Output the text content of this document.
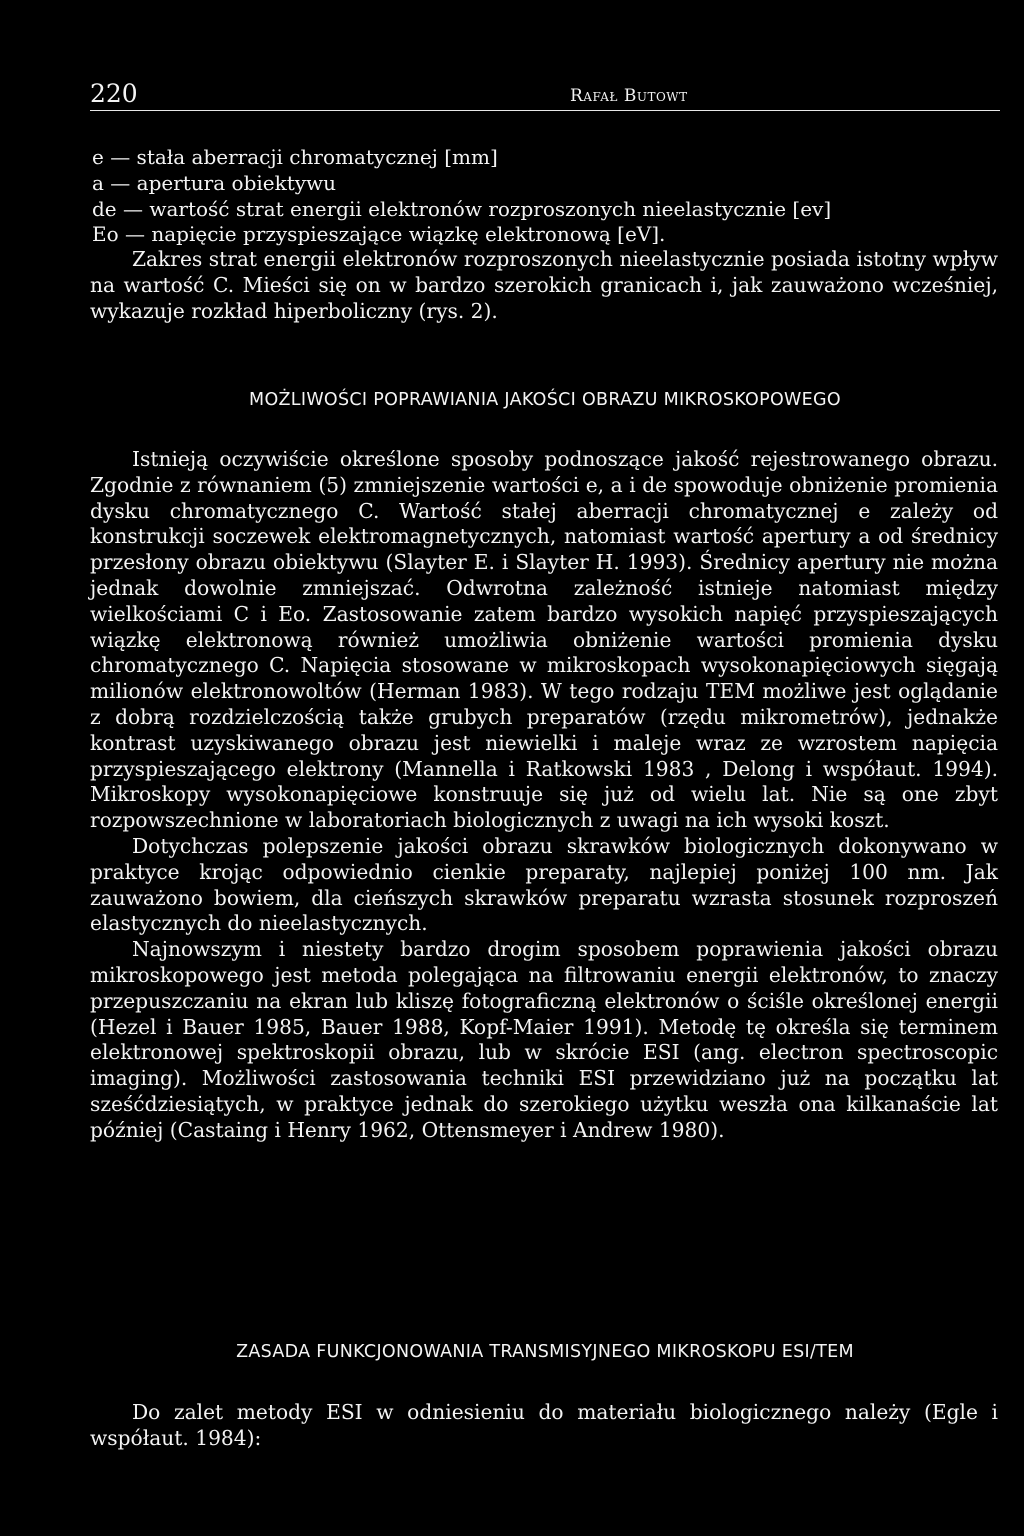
220	Rafał Butowt
e — stała aberracji chromatycznej [mm]
a — apertura obiektywu
de — wartość strat energii elektronów rozproszonych nieelastycznie [ev]
Eo — napięcie przyspieszające wiązkę elektronową [eV].

Zakres strat energii elektronów rozproszonych nieelastycznie posiada istotny wpływ na wartość C. Mieści się on w bardzo szerokich granicach i, jak zauważono wcześniej, wykazuje rozkład hiperboliczny (rys. 2).

MOŻLIWOŚCI POPRAWIANIA JAKOŚCI OBRAZU MIKROSKOPOWEGO

Istnieją oczywiście określone sposoby podnoszące jakość rejestrowanego obrazu. Zgodnie z równaniem (5) zmniejszenie wartości e, a i de spowoduje obniżenie promienia dysku chromatycznego C. Wartość stałej aberracji chromatycznej e zależy od konstrukcji soczewek elektromagnetycznych, natomiast wartość apertury a od średnicy przesłony obrazu obiektywu (Slayter E. i Slayter H. 1993). Średnicy apertury nie można jednak dowolnie zmniejszać. Odwrotna zależność istnieje natomiast między wielkościami C i Eo. Zastosowanie zatem bardzo wysokich napięć przyspieszających wiązkę elektronową również umożliwia obniżenie wartości promienia dysku chromatycznego C. Napięcia stosowane w mikroskopach wysokonapięciowych sięgają milionów elektronowoltów (Herman 1983). W tego rodzaju TEM możliwe jest oglądanie z dobrą rozdzielczością także grubych preparatów (rzędu mikrometrów), jednakże kontrast uzyskiwanego obrazu jest niewielki i maleje wraz ze wzrostem napięcia przyspieszającego elektrony (Mannella i Ratkowski 1983 , Delong i współaut. 1994). Mikroskopy wysokonapięciowe konstruuje się już od wielu lat. Nie są one zbyt rozpowszechnione w laboratoriach biologicznych z uwagi na ich wysoki koszt.

Dotychczas polepszenie jakości obrazu skrawków biologicznych dokonywano w praktyce krojąc odpowiednio cienkie preparaty, najlepiej poniżej 100 nm. Jak zauważono bowiem, dla cieńszych skrawków preparatu wzrasta stosunek rozproszeń elastycznych do nieelastycznych.

Najnowszym i niestety bardzo drogim sposobem poprawienia jakości obrazu mikroskopowego jest metoda polegająca na filtrowaniu energii elektronów, to znaczy przepuszczaniu na ekran lub kliszę fotograficzną elektronów o ściśle określonej energii (Hezel i Bauer 1985, Bauer 1988, Kopf-Maier 1991). Metodę tę określa się terminem elektronowej spektroskopii obrazu, lub w skrócie ESI (ang. electron spectroscopic imaging). Możliwości zastosowania techniki ESI przewidziano już na początku lat sześćdziesiątych, w praktyce jednak do szerokiego użytku weszła ona kilkanaście lat później (Castaing i Henry 1962, Ottensmeyer i Andrew 1980).

ZASADA FUNKCJONOWANIA TRANSMISYJNEGO MIKROSKOPU ESI/TEM

Do zalet metody ESI w odniesieniu do materiału biologicznego należy (Egle i współaut. 1984):
